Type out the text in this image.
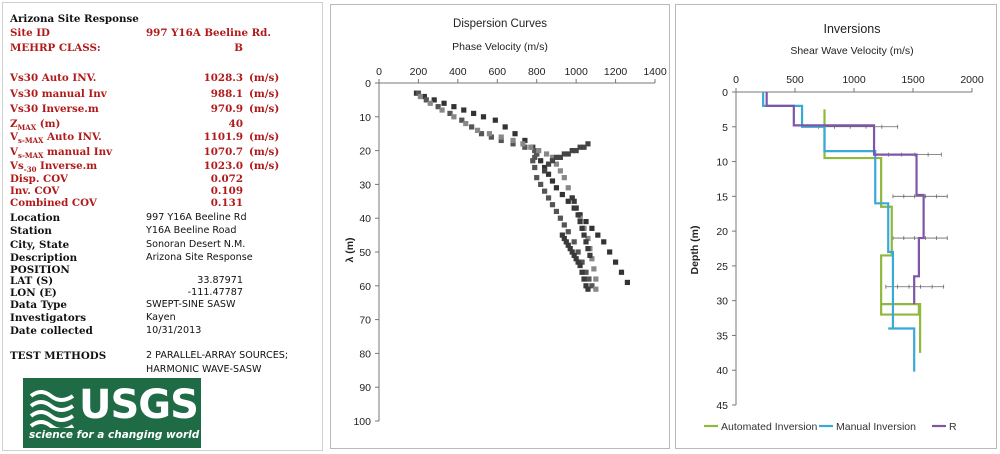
Arizona Site Response
Site ID	997 Y16A Beeline Rd.
MEHRP CLASS:	B
Vs30 Auto INV.	1028.3 (m/s)
Vs30 manual Inv	988.1 (m/s)
Vs30 Inverse.m	970.9 (m/s)
$Z_{MAX}$ (m)	40
$V_{s-MAX}$ Auto INV.	1101.9 (m/s)
$V_{s-MAX}$ manual Inv	1070.7 (m/s)
$Vs_{-30}$ Inverse.m	1023.0 (m/s)
Disp. COV	0.072
Inv. COV	0.109
Combined COV	0.131
Location	997 Y16A Beeline Rd
Station	Y16A Beeline Road
City, State	Sonoran Desert N.M.
Description	Arizona Site Response
POSITION
LAT (S)	33.87971
LON (E)	-111.47787
Data Type	SWEPT-SINE SASW
Investigators	Kayen
Date collected	10/31/2013
TEST METHODS	2 PARALLEL-ARRAY SOURCES;
HARMONIC WAVE-SASW
USGS
science for a changing world
Dispersion Curves
Phase Velocity (m/s)
λ (m)
0	200 400 600 800 1000 1200 1400
0
10
20
30
40
50
60
70
80
90
100
Inversions
Shear Wave Velocity (m/s)
Depth (m)
0	500	1000	1500	2000
0
5
10
15
20
25
30
35
40
45
Automated Inversion Manual Inversion	R
